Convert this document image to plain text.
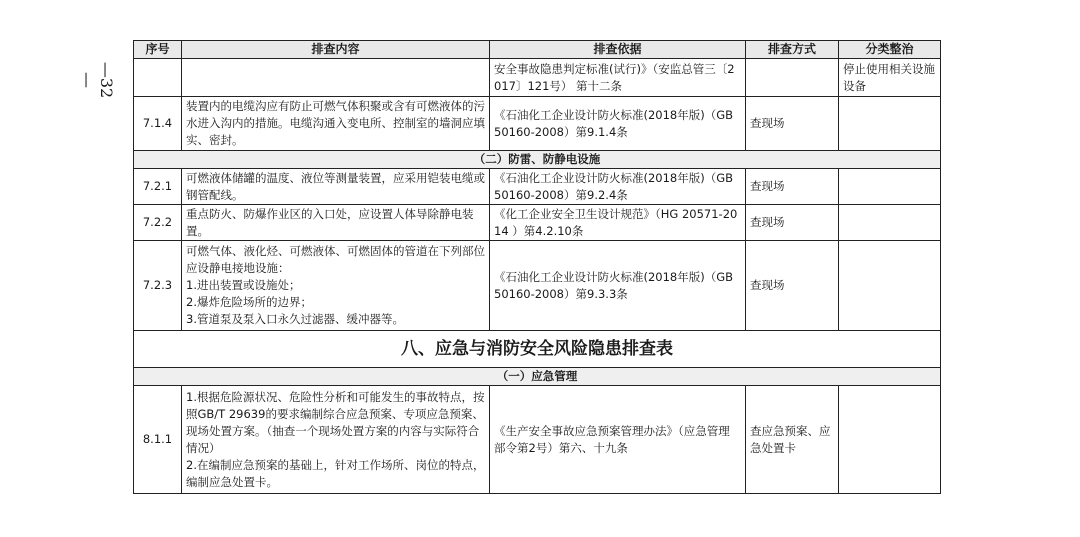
—32—
序号	排查内容	排查依据	排查方式	分类整治
		安全事故隐患判定标准(试行)》（安监总管三〔2017〕121号） 第十二条		停止使用相关设施设备
7.1.4	装置内的电缆沟应有防止可燃气体积聚或含有可燃液体的污水进入沟内的措施。电缆沟通入变电所、控制室的墙洞应填实、密封。	《石油化工企业设计防火标准(2018年版)（GB 50160-2008）第9.1.4条	查现场	
（二）防雷、防静电设施				
7.2.1	可燃液体储罐的温度、液位等测量装置，应采用铠装电缆或钢管配线。	《石油化工企业设计防火标准(2018年版)（GB 50160-2008）第9.2.4条	查现场	
7.2.2	重点防火、防爆作业区的入口处，应设置人体导除静电装置。	《化工企业安全卫生设计规范》（HG 20571-2014 ）第4.2.10条	查现场	
7.2.3	可燃气体、液化烃、可燃液体、可燃固体的管道在下列部位应设静电接地设施：
1.进出装置或设施处；
2.爆炸危险场所的边界；
3.管道泵及泵入口永久过滤器、缓冲器等。	《石油化工企业设计防火标准(2018年版)（GB 50160-2008）第9.3.3条	查现场	
八、应急与消防安全风险隐患排查表				
（一）应急管理				
8.1.1	1.根据危险源状况、危险性分析和可能发生的事故特点，按照GB/T 29639的要求编制综合应急预案、专项应急预案、现场处置方案。（抽查一个现场处置方案的内容与实际符合情况）
2.在编制应急预案的基础上，针对工作场所、岗位的特点，编制应急处置卡。	《生产安全事故应急预案管理办法》（应急管理部令第2号）第六、十九条	查应急预案、应急处置卡	
